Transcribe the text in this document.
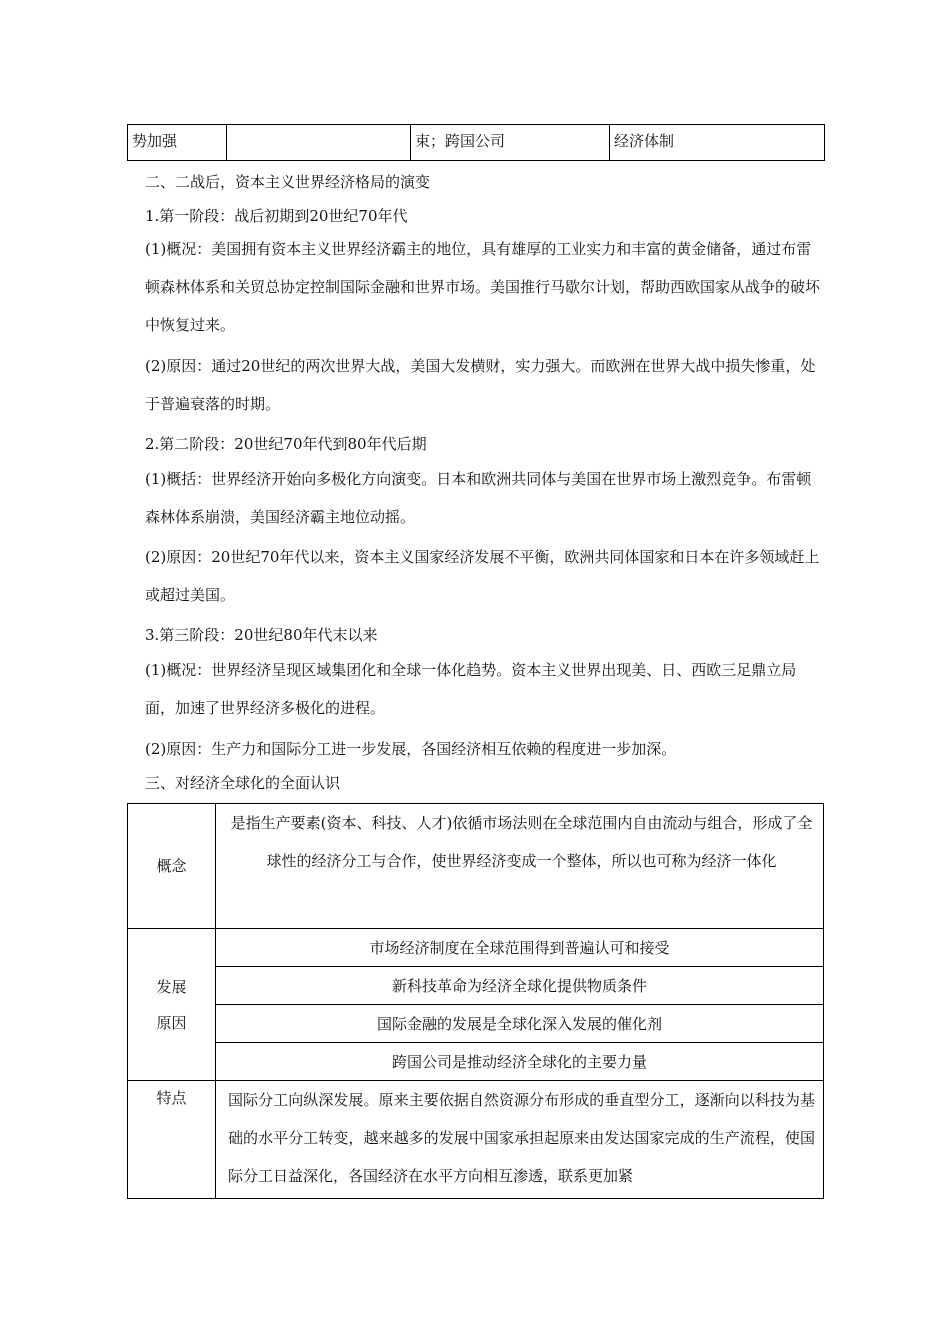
势加强		束；跨国公司	经济体制
二、二战后，资本主义世界经济格局的演变
1.第一阶段：战后初期到20世纪70年代
(1)概况：美国拥有资本主义世界经济霸主的地位，具有雄厚的工业实力和丰富的黄金储备，通过布雷顿森林体系和关贸总协定控制国际金融和世界市场。美国推行马歇尔计划，帮助西欧国家从战争的破坏中恢复过来。
(2)原因：通过20世纪的两次世界大战，美国大发横财，实力强大。而欧洲在世界大战中损失惨重，处于普遍衰落的时期。
2.第二阶段：20世纪70年代到80年代后期
(1)概括：世界经济开始向多极化方向演变。日本和欧洲共同体与美国在世界市场上激烈竞争。布雷顿森林体系崩溃，美国经济霸主地位动摇。
(2)原因：20世纪70年代以来，资本主义国家经济发展不平衡，欧洲共同体国家和日本在许多领域赶上或超过美国。
3.第三阶段：20世纪80年代末以来
(1)概况：世界经济呈现区域集团化和全球一体化趋势。资本主义世界出现美、日、西欧三足鼎立局面，加速了世界经济多极化的进程。
(2)原因：生产力和国际分工进一步发展，各国经济相互依赖的程度进一步加深。
三、对经济全球化的全面认识
概念	是指生产要素(资本、科技、人才)依循市场法则在全球范围内自由流动与组合，形成了全球性的经济分工与合作，使世界经济变成一个整体，所以也可称为经济一体化

发展
原因	市场经济制度在全球范围得到普遍认可和接受
	新科技革命为经济全球化提供物质条件
	国际金融的发展是全球化深入发展的催化剂
	跨国公司是推动经济全球化的主要力量
特点	国际分工向纵深发展。原来主要依据自然资源分布形成的垂直型分工，逐渐向以科技为基础的水平分工转变，越来越多的发展中国家承担起原来由发达国家完成的生产流程，使国际分工日益深化，各国经济在水平方向相互渗透，联系更加紧
